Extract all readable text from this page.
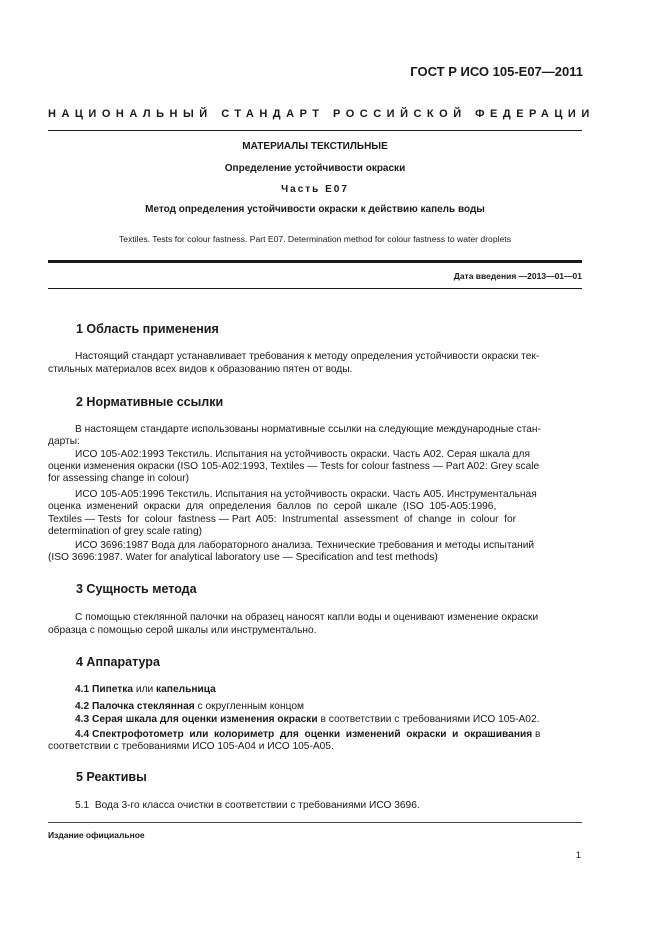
ГОСТ Р ИСО 105-Е07—2011
НАЦИОНАЛЬНЫЙ СТАНДАРТ РОССИЙСКОЙ ФЕДЕРАЦИИ
МАТЕРИАЛЫ ТЕКСТИЛЬНЫЕ
Определение устойчивости окраски
Часть Е07
Метод определения устойчивости окраски к действию капель воды
Textiles. Tests for colour fastness. Part E07. Determination method for colour fastness to water droplets
Дата введения —2013—01—01
1 Область применения
Настоящий стандарт устанавливает требования к методу определения устойчивости окраски тек-
стильных материалов всех видов к образованию пятен от воды.
2 Нормативные ссылки
В настоящем стандарте использованы нормативные ссылки на следующие международные стан-
дарты:
ИСО 105-А02:1993 Текстиль. Испытания на устойчивость окраски. Часть А02. Серая шкала для
оценки изменения окраски (ISO 105-A02:1993, Textiles — Tests for colour fastness — Part A02: Grey scale
for assessing change in colour)
ИСО 105-А05:1996 Текстиль. Испытания на устойчивость окраски. Часть А05. Инструментальная
оценка  изменений  окраски  для  определения  баллов  по  серой  шкале  (ISO  105-A05:1996,
Textiles — Tests  for  colour  fastness — Part  A05:  Instrumental  assessment  of  change  in  colour  for
determination of grey scale rating)
ИСО 3696:1987 Вода для лабораторного анализа. Технические требования и методы испытаний
(ISO 3696:1987. Water for analytical laboratory use — Specification and test methods)
3 Сущность метода
С помощью стеклянной палочки на образец наносят капли воды и оценивают изменение окраски
образца с помощью серой шкалы или инструментально.
4 Аппаратура
4.1 Пипетка или капельница
4.2 Палочка стеклянная с округленным концом
4.3 Серая шкала для оценки изменения окраски в соответствии с требованиями ИСО 105-А02.
4.4 Спектрофотометр  или  колориметр  для  оценки  изменений  окраски  и  окрашивания в
соответствии с требованиями ИСО 105-А04 и ИСО 105-А05.
5 Реактивы
5.1  Вода 3-го класса очистки в соответствии с требованиями ИСО 3696.
Издание официальное
1
